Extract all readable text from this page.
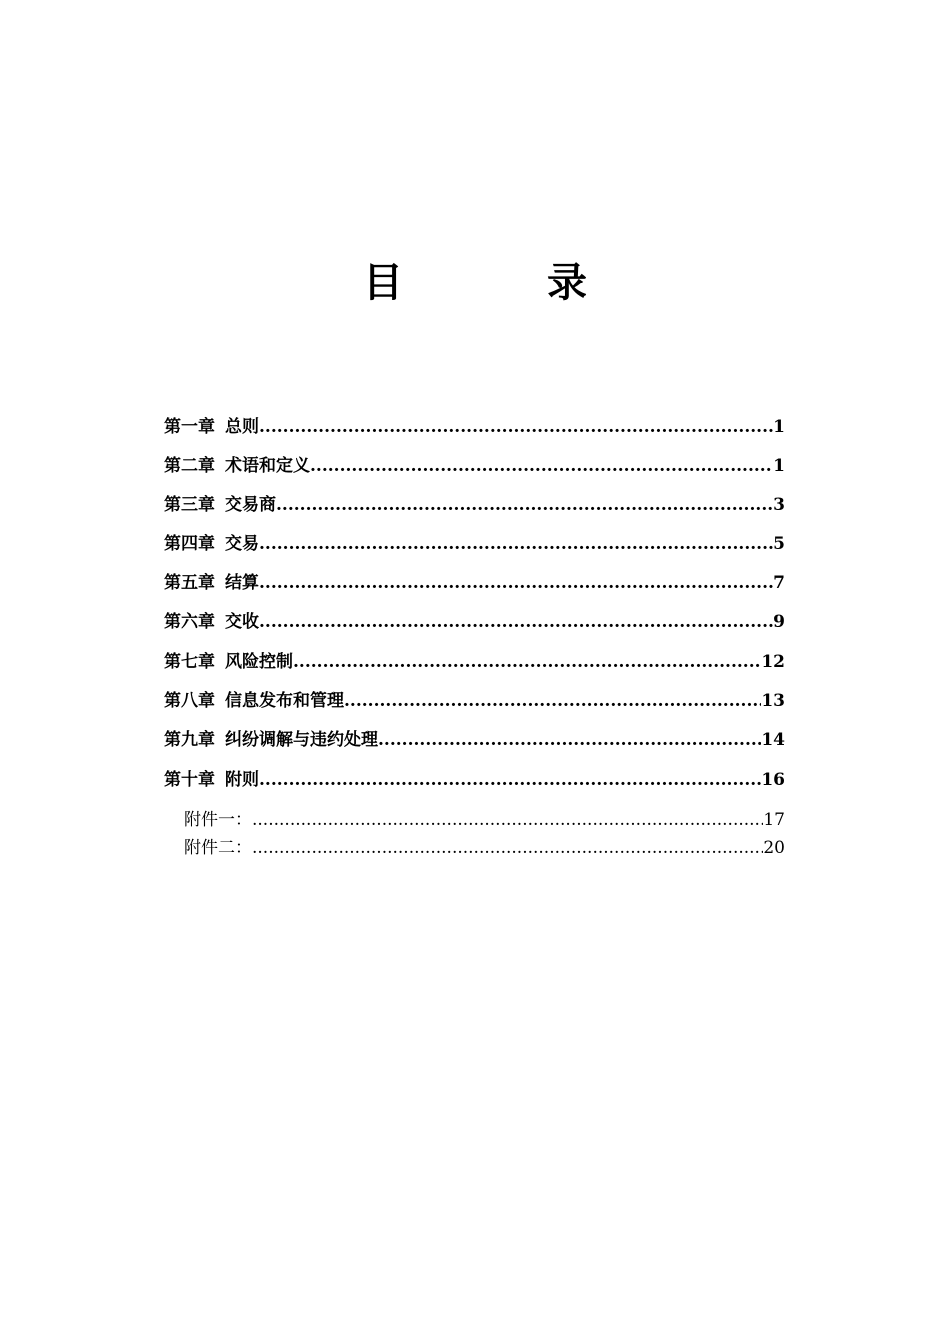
目　录
第一章 总则 .....	1
第二章 术语和定义 .....	1
第三章 交易商 .....	3
第四章 交易 .....	5
第五章 结算 .....	7
第六章 交收 .....	9
第七章 风险控制 .....	12
第八章 信息发布和管理 .....	13
第九章 纠纷调解与违约处理 .....	14
第十章 附则 .....	16
附件一： .....	17
附件二： .....	20
